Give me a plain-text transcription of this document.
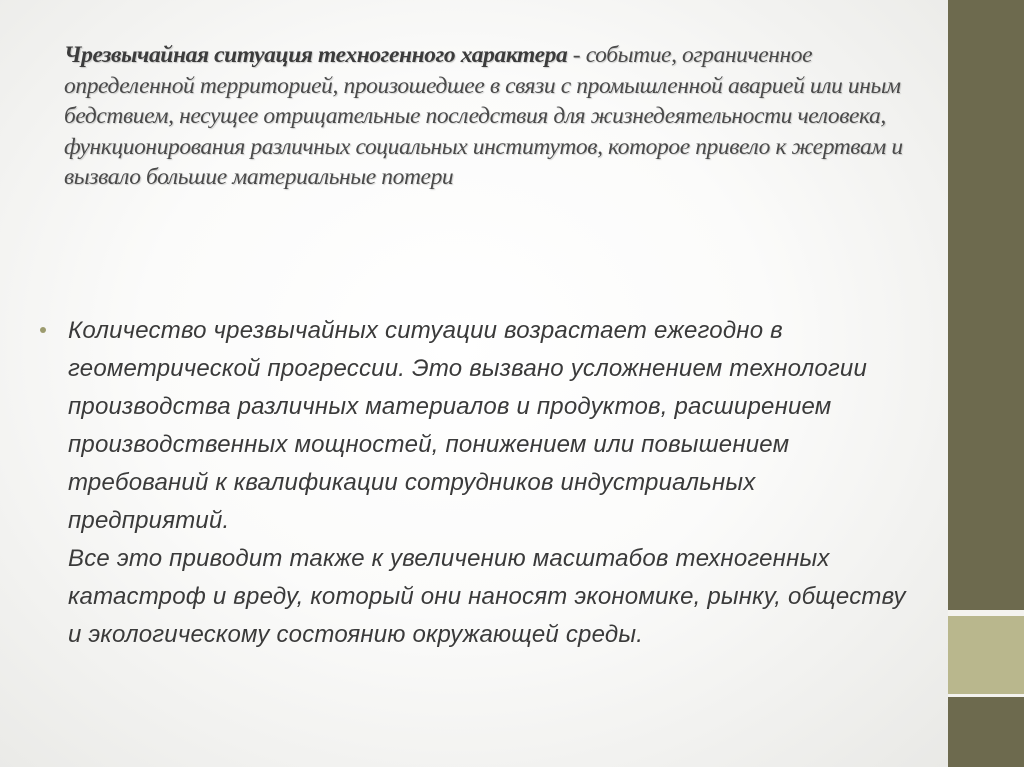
Чрезвычайная ситуация техногенного характера - событие, ограниченное определенной территорией, произошедшее в связи с промышленной аварией или иным бедствием, несущее отрицательные последствия для жизнедеятельности человека, функционирования различных социальных институтов, которое привело к жертвам и вызвало большие материальные потери

Количество чрезвычайных ситуации возрастает ежегодно в геометрической прогрессии. Это вызвано усложнением технологии производства различных материалов и продуктов, расширением производственных мощностей, понижением или повышением требований к квалификации сотрудников индустриальных предприятий.

Все это приводит также к увеличению масштабов техногенных катастроф и вреду, который они наносят экономике, рынку, обществу и экологическому состоянию окружающей среды.
